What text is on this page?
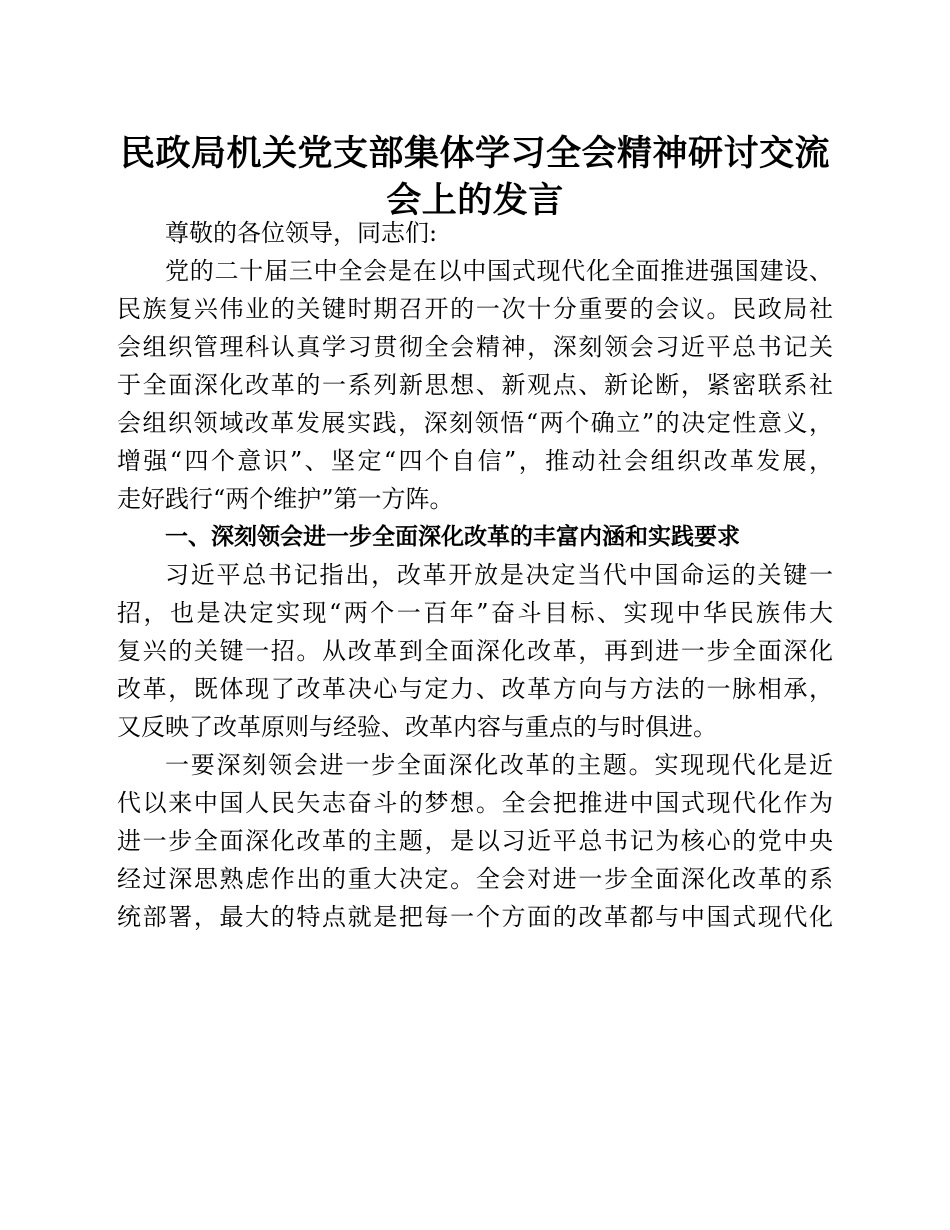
民政局机关党支部集体学习全会精神研讨交流
会上的发言
尊敬的各位领导，同志们:
党的二十届三中全会是在以中国式现代化全面推进强国建设、
民族复兴伟业的关键时期召开的一次十分重要的会议。民政局社
会组织管理科认真学习贯彻全会精神，深刻领会习近平总书记关
于全面深化改革的一系列新思想、新观点、新论断，紧密联系社
会组织领域改革发展实践，深刻领悟“两个确立”的决定性意义，
增强“四个意识”、坚定“四个自信”，推动社会组织改革发展，
走好践行“两个维护”第一方阵。
一、深刻领会进一步全面深化改革的丰富内涵和实践要求
习近平总书记指出，改革开放是决定当代中国命运的关键一
招，也是决定实现“两个一百年”奋斗目标、实现中华民族伟大
复兴的关键一招。从改革到全面深化改革，再到进一步全面深化
改革，既体现了改革决心与定力、改革方向与方法的一脉相承，
又反映了改革原则与经验、改革内容与重点的与时俱进。
一要深刻领会进一步全面深化改革的主题。实现现代化是近
代以来中国人民矢志奋斗的梦想。全会把推进中国式现代化作为
进一步全面深化改革的主题，是以习近平总书记为核心的党中央
经过深思熟虑作出的重大决定。全会对进一步全面深化改革的系
统部署，最大的特点就是把每一个方面的改革都与中国式现代化
